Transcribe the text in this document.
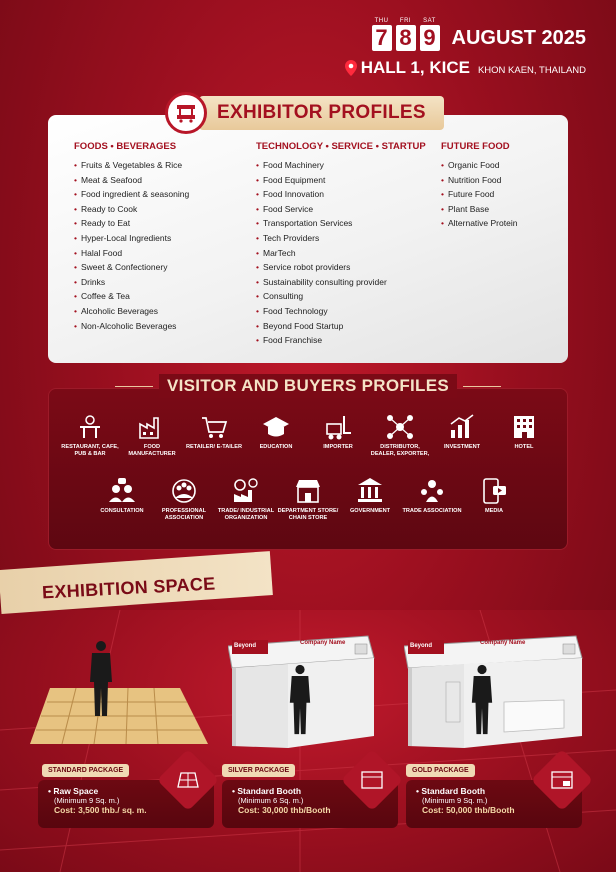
THU
7
FRI
8
SAT
9 AUGUST 2025
HALL 1, KICE KHON KAEN, THAILAND
FOODS • BEVERAGES
• Fruits & Vegetables & Rice
• Meat & Seafood
• Food ingredient & seasoning
• Ready to Cook
• Ready to Eat
• Hyper-Local Ingredients
• Halal Food
• Sweet & Confectionery
• Drinks
• Coffee & Tea
• Alcoholic Beverages
• Non-Alcoholic Beverages
TECHNOLOGY • SERVICE • STARTUP
• Food Machinery
• Food Equipment
• Food Innovation
• Food Service
• Transportation Services
• Tech Providers
• MarTech
• Service robot providers
• Sustainability consulting provider
• Consulting
• Food Technology
• Beyond Food Startup
• Food Franchise
FUTURE FOOD
• Organic Food
• Nutrition Food
• Future Food
• Plant Base
• Alternative Protein
EXHIBITOR PROFILES
VISITOR AND BUYERS PROFILES
RESTAURANT, CAFE, PUB & BAR
FOOD MANUFACTURER
RETAILER/ E-TAILER	EDUCATION	IMPORTER	DISTRIBUTOR, DEALER, EXPORTER,
INVESTMENT	HOTEL
CONSULTATION	PROFESSIONAL ASSOCIATION
TRADE/ INDUSTRIAL ORGANIZATION
DEPARTMENT STORE/ CHAIN STORE
GOVERNMENT TRADE ASSOCIATION	MEDIA
EXHIBITION SPACE
Beyond	Company Name	Beyond	Company Name
• Raw Space
(Minimum 9 Sq. m.)
Cost: 3,500 thb./ sq. m.
• Standard Booth
(Minimum 6 Sq. m.)
Cost: 30,000 thb/Booth
• Standard Booth
(Minimum 9 Sq. m.)
Cost: 50,000 thb/Booth
STANDARD PACKAGE	SILVER PACKAGE	GOLD PACKAGE
